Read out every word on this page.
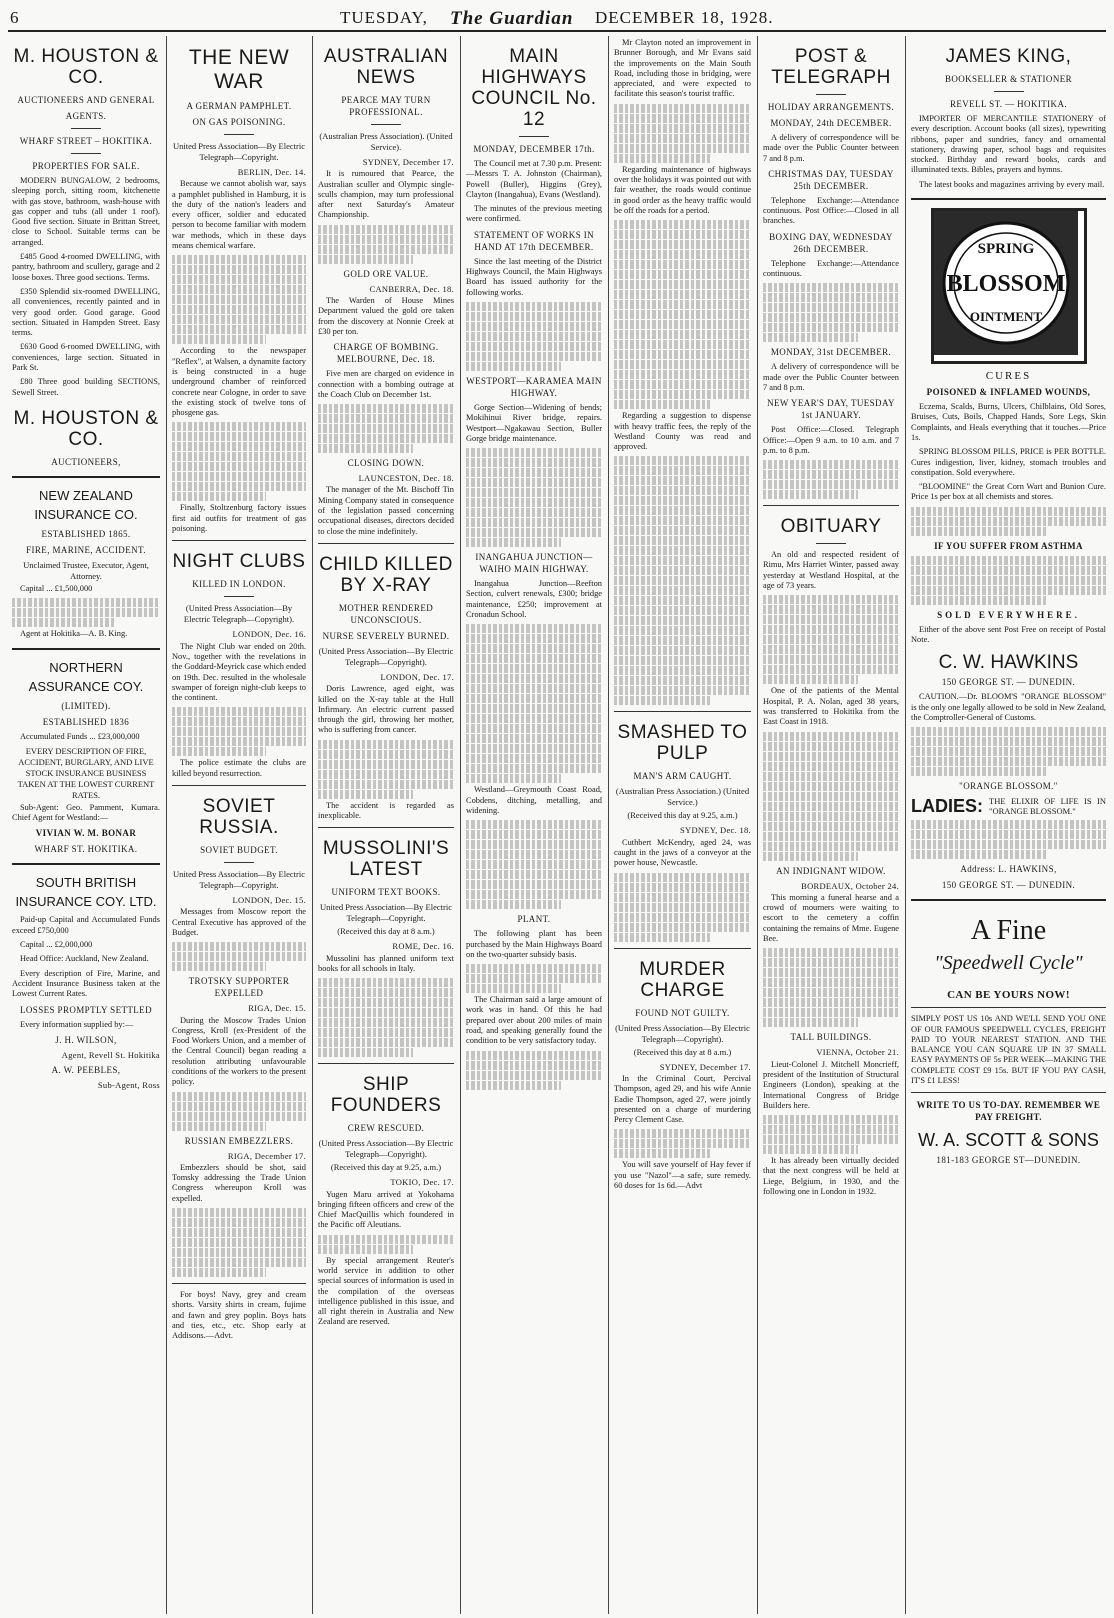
6	TUESDAY, The Guardian DECEMBER 18, 1928.
M. HOUSTON & CO.
AUCTIONEERS AND GENERAL
AGENTS.
WHARF STREET – HOKITIKA.
PROPERTIES FOR SALE.
MODERN BUNGALOW, 2 bedrooms, sleeping porch, sitting room, kitchenette with gas stove, bathroom, wash-house with gas copper and tubs (all under 1 roof). Good five section. Situate in Brittan Street, close to School. Suitable terms can be arranged.
£485 Good 4-roomed DWELLING, with pantry, bathroom and scullery, garage and 2 loose boxes. Three good sections. Terms.
£350 Splendid six-roomed DWELLING, all conveniences, recently painted and in very good order. Good garage. Good section. Situated in Hampden Street. Easy terms.
£630 Good 6-roomed DWELLING, with conveniences, large section. Situated in Park St.
£80 Three good building SECTIONS, Sewell Street.
M. HOUSTON & CO.
AUCTIONEERS,
NEW ZEALAND INSURANCE CO.
ESTABLISHED 1865.
FIRE, MARINE, ACCIDENT.
Unclaimed Trustee, Executor, Agent, Attorney.
Capital ... £1,500,000
Agent at Hokitika—A. B. King.
NORTHERN ASSURANCE COY.
(LIMITED).
ESTABLISHED 1836
Accumulated Funds ... £23,000,000
EVERY DESCRIPTION OF FIRE, ACCIDENT, BURGLARY, AND LIVE STOCK INSURANCE BUSINESS TAKEN AT THE LOWEST CURRENT RATES.
Sub-Agent: Geo. Pamment, Kumara. Chief Agent for Westland:—
VIVIAN W. M. BONAR
WHARF ST. HOKITIKA.
SOUTH BRITISH INSURANCE COY. LTD.
Paid-up Capital and Accumulated Funds exceed £750,000
Capital ... £2,000,000
Head Office: Auckland, New Zealand.
Every description of Fire, Marine, and Accident Insurance Business taken at the Lowest Current Rates.
LOSSES PROMPTLY SETTLED
Every information supplied by:—
J. H. WILSON,
Agent, Revell St. Hokitika
A. W. PEEBLES,
Sub-Agent, Ross
THE NEW WAR
A GERMAN PAMPHLET.
ON GAS POISONING.
United Press Association—By Electric Telegraph—Copyright.
BERLIN, Dec. 14.
Because we cannot abolish war, says a pamphlet published in Hamburg, it is the duty of the nation's leaders and every officer, soldier and educated person to become familiar with modern war methods, which in these days means chemical warfare.
According to the newspaper "Reflex", at Walsen, a dynamite factory is being constructed in a huge underground chamber of reinforced concrete near Cologne, in order to save the existing stock of twelve tons of phosgene gas.
Finally, Stoltzenburg factory issues first aid outfits for treatment of gas poisoning.
NIGHT CLUBS
KILLED IN LONDON.
(United Press Association—By Electric Telegraph—Copyright).
LONDON, Dec. 16.
The Night Club war ended on 20th. Nov., together with the revelations in the Goddard-Meyrick case which ended on 19th. Dec. resulted in the wholesale swamper of foreign night-club keeps to the continent.
The police estimate the clubs are killed beyond resurrection.
SOVIET RUSSIA.
SOVIET BUDGET.
United Press Association—By Electric Telegraph—Copyright.
LONDON, Dec. 15.
Messages from Moscow report the Central Executive has approved of the Budget.
TROTSKY SUPPORTER EXPELLED
RIGA, Dec. 15.
During the Moscow Trades Union Congress, Kroll (ex-President of the Food Workers Union, and a member of the Central Council) began reading a resolution attributing unfavourable conditions of the workers to the present policy.
RUSSIAN EMBEZZLERS.
RIGA, December 17.
Embezzlers should be shot, said Tomsky addressing the Trade Union Congress whereupon Kroll was expelled.
For boys! Navy, grey and cream shorts. Varsity shirts in cream, fujime and fawn and grey poplin. Boys hats and ties, etc., etc. Shop early at Addisons.—Advt.
AUSTRALIAN NEWS
PEARCE MAY TURN PROFESSIONAL.
(Australian Press Association). (United Service).
SYDNEY, December 17.
It is rumoured that Pearce, the Australian sculler and Olympic single-sculls champion, may turn professional after next Saturday's Amateur Championship.
GOLD ORE VALUE.
CANBERRA, Dec. 18.
The Warden of House Mines Department valued the gold ore taken from the discovery at Nonnie Creek at £30 per ton.
CHARGE OF BOMBING. MELBOURNE, Dec. 18.
Five men are charged on evidence in connection with a bombing outrage at the Coach Club on December 1st.
CLOSING DOWN.
LAUNCESTON, Dec. 18.
The manager of the Mt. Bischoff Tin Mining Company stated in consequence of the legislation passed concerning occupational diseases, directors decided to close the mine indefinitely.
CHILD KILLED BY X-RAY
MOTHER RENDERED UNCONSCIOUS.
NURSE SEVERELY BURNED.
(United Press Association—By Electric Telegraph—Copyright).
LONDON, Dec. 17.
Doris Lawrence, aged eight, was killed on the X-ray table at the Hull Infirmary. An electric current passed through the girl, throwing her mother, who is suffering from cancer.
The accident is regarded as inexplicable.
MUSSOLINI'S LATEST
UNIFORM TEXT BOOKS.
United Press Association—By Electric Telegraph—Copyright.
(Received this day at 8 a.m.)
ROME, Dec. 16.
Mussolini has planned uniform text books for all schools in Italy.
SHIP FOUNDERS
CREW RESCUED.
(United Press Association—By Electric Telegraph—Copyright).
(Received this day at 9.25, a.m.)
TOKIO, Dec. 17.
Yugen Maru arrived at Yokohama bringing fifteen officers and crew of the Chief MacQuillis which foundered in the Pacific off Aleutians.
By special arrangement Reuter's world service in addition to other special sources of information is used in the compilation of the overseas intelligence published in this issue, and all right therein in Australia and New Zealand are reserved.
MAIN HIGHWAYS COUNCIL No. 12
MONDAY, DECEMBER 17th.
The Council met at 7.30 p.m. Present:—Messrs T. A. Johnston (Chairman), Powell (Buller), Higgins (Grey), Clayton (Inangahua), Evans (Westland).
The minutes of the previous meeting were confirmed.
STATEMENT OF WORKS IN HAND AT 17th DECEMBER.
Since the last meeting of the District Highways Council, the Main Highways Board has issued authority for the following works.
WESTPORT—KARAMEA MAIN HIGHWAY.
Gorge Section—Widening of bends; Mokihinui River bridge, repairs. Westport—Ngakawau Section, Buller Gorge bridge maintenance.
INANGAHUA JUNCTION—WAIHO MAIN HIGHWAY.
Inangahua Junction—Reefton Section, culvert renewals, £300; bridge maintenance, £250; improvement at Cronadun School.
Westland—Greymouth Coast Road, Cobdens, ditching, metalling, and widening.
PLANT.
The following plant has been purchased by the Main Highways Board on the two-quarter subsidy basis.
The Chairman said a large amount of work was in hand. Of this he had prepared over about 200 miles of main road, and speaking generally found the condition to be very satisfactory today.
Mr Clayton noted an improvement in Brunner Borough, and Mr Evans said the improvements on the Main South Road, including those in bridging, were appreciated, and were expected to facilitate this season's tourist traffic.
Regarding maintenance of highways over the holidays it was pointed out with fair weather, the roads would continue in good order as the heavy traffic would be off the roads for a period.
Regarding a suggestion to dispense with heavy traffic fees, the reply of the Westland County was read and approved.
SMASHED TO PULP
MAN'S ARM CAUGHT.
(Australian Press Association.) (United Service.)
(Received this day at 9.25, a.m.)
SYDNEY, Dec. 18.
Cuthbert McKendry, aged 24, was caught in the jaws of a conveyor at the power house, Newcastle.
MURDER CHARGE
FOUND NOT GUILTY.
(United Press Association—By Electric Telegraph—Copyright).
(Received this day at 8 a.m.)
SYDNEY, December 17.
In the Criminal Court, Percival Thompson, aged 29, and his wife Annie Eadie Thompson, aged 27, were jointly presented on a charge of murdering Percy Clement Case.
You will save yourself of Hay fever if you use "Nazol"—a safe, sure remedy. 60 doses for 1s 6d.—Advt
POST & TELEGRAPH
HOLIDAY ARRANGEMENTS.
MONDAY, 24th DECEMBER.
A delivery of correspondence will be made over the Public Counter between 7 and 8 p.m.
CHRISTMAS DAY, TUESDAY 25th DECEMBER.
Telephone Exchange:—Attendance continuous. Post Office:—Closed in all branches.
BOXING DAY, WEDNESDAY 26th DECEMBER.
Telephone Exchange:—Attendance continuous.
MONDAY, 31st DECEMBER.
A delivery of correspondence will be made over the Public Counter between 7 and 8 p.m.
NEW YEAR'S DAY, TUESDAY 1st JANUARY.
Post Office:—Closed. Telegraph Office:—Open 9 a.m. to 10 a.m. and 7 p.m. to 8 p.m.
OBITUARY
An old and respected resident of Rimu, Mrs Harriet Winter, passed away yesterday at Westland Hospital, at the age of 73 years.
One of the patients of the Mental Hospital, P. A. Nolan, aged 38 years, was transferred to Hokitika from the East Coast in 1918.
AN INDIGNANT WIDOW.
BORDEAUX, October 24.
This morning a funeral hearse and a crowd of mourners were waiting to escort to the cemetery a coffin containing the remains of Mme. Eugene Bee.
TALL BUILDINGS.
VIENNA, October 21.
Lieut-Colonel J. Mitchell Moncrieff, president of the Institution of Structural Engineers (London), speaking at the International Congress of Bridge Builders here.
It has already been virtually decided that the next congress will be held at Liege, Belgium, in 1930, and the following one in London in 1932.
JAMES KING,
BOOKSELLER & STATIONER
REVELL ST. — HOKITIKA.
IMPORTER OF MERCANTILE STATIONERY of every description. Account books (all sizes), typewriting ribbons, paper and sundries, fancy and ornamental stationery, drawing paper, school bags and requisites stocked. Birthday and reward books, cards and illuminated texts. Bibles, prayers and hymns.
The latest books and magazines arriving by every mail.
SPRING
BLOSSOM
OINTMENT
CURES
POISONED & INFLAMED WOUNDS,
Eczema, Scalds, Burns, Ulcers, Chilblains, Old Sores, Bruises, Cuts, Boils, Chapped Hands, Sore Legs, Skin Complaints, and Heals everything that it touches.—Price 1s.
SPRING BLOSSOM PILLS, PRICE is PER BOTTLE. Cures indigestion, liver, kidney, stomach troubles and constipation. Sold everywhere.
"BLOOMINE" the Great Corn Wart and Bunion Cure. Price 1s per box at all chemists and stores.
IF YOU SUFFER FROM ASTHMA
SOLD EVERYWHERE.
Either of the above sent Post Free on receipt of Postal Note.
C. W. HAWKINS
150 GEORGE ST. — DUNEDIN.
CAUTION.—Dr. BLOOM'S "ORANGE BLOSSOM" is the only one legally allowed to be sold in New Zealand, the Comptroller-General of Customs.
"ORANGE BLOSSOM."
LADIES: THE ELIXIR OF LIFE IS IN "ORANGE BLOSSOM."
Address: L. HAWKINS,
150 GEORGE ST. — DUNEDIN.
A Fine
"Speedwell Cycle"
CAN BE YOURS NOW!
SIMPLY POST US 10s AND WE'LL SEND YOU ONE OF OUR FAMOUS SPEEDWELL CYCLES, FREIGHT PAID TO YOUR NEAREST STATION. AND THE BALANCE YOU CAN SQUARE UP IN 37 SMALL EASY PAYMENTS OF 5s PER WEEK—MAKING THE COMPLETE COST £9 15s. BUT IF YOU PAY CASH, IT'S £1 LESS!
WRITE TO US TO-DAY. REMEMBER WE PAY FREIGHT.
W. A. SCOTT & SONS
181-183 GEORGE ST—DUNEDIN.
